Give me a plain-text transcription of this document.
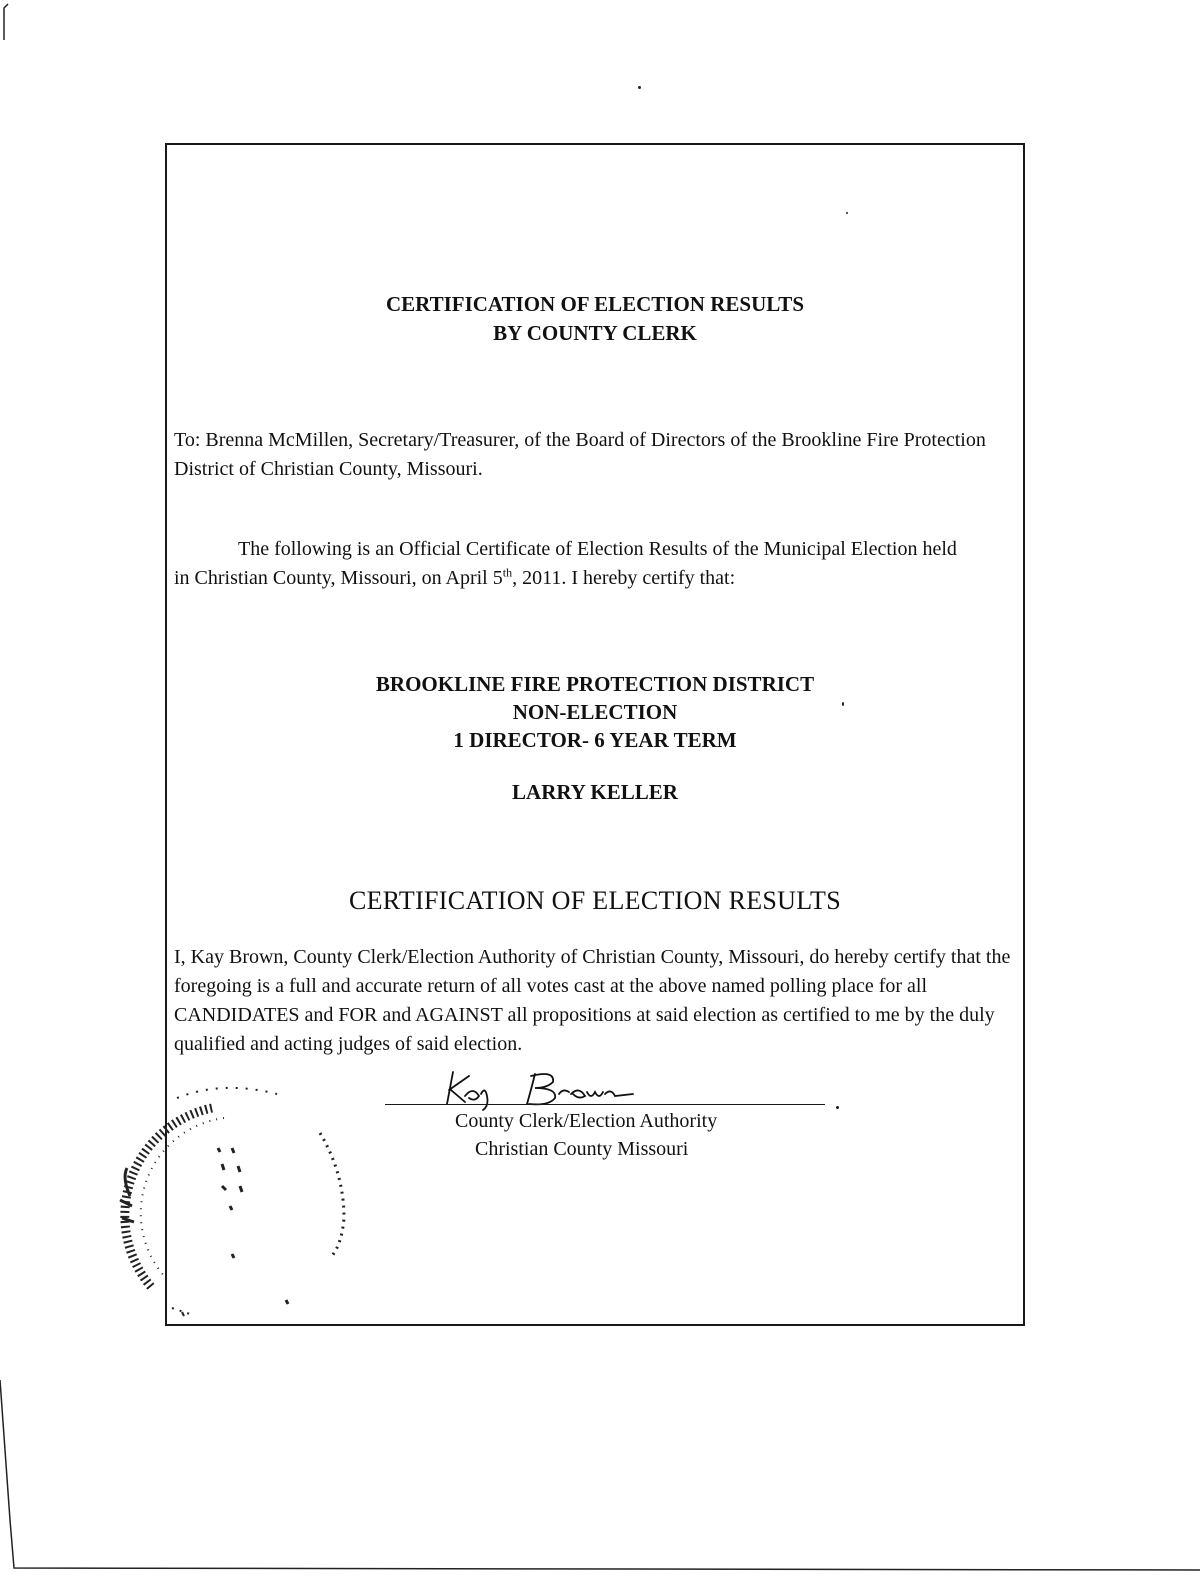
CERTIFICATION OF ELECTION RESULTS
BY COUNTY CLERK

To: Brenna McMillen, Secretary/Treasurer, of the Board of Directors of the Brookline Fire Protection District of Christian County, Missouri.

The following is an Official Certificate of Election Results of the Municipal Election held in Christian County, Missouri, on April 5th, 2011. I hereby certify that:

BROOKLINE FIRE PROTECTION DISTRICT
NON-ELECTION
1 DIRECTOR- 6 YEAR TERM
LARRY KELLER
CERTIFICATION OF ELECTION RESULTS

I, Kay Brown, County Clerk/Election Authority of Christian County, Missouri, do hereby certify that the foregoing is a full and accurate return of all votes cast at the above named polling place for all CANDIDATES and FOR and AGAINST all propositions at said election as certified to me by the duly qualified and acting judges of said election.

County Clerk/Election Authority
Christian County Missouri
